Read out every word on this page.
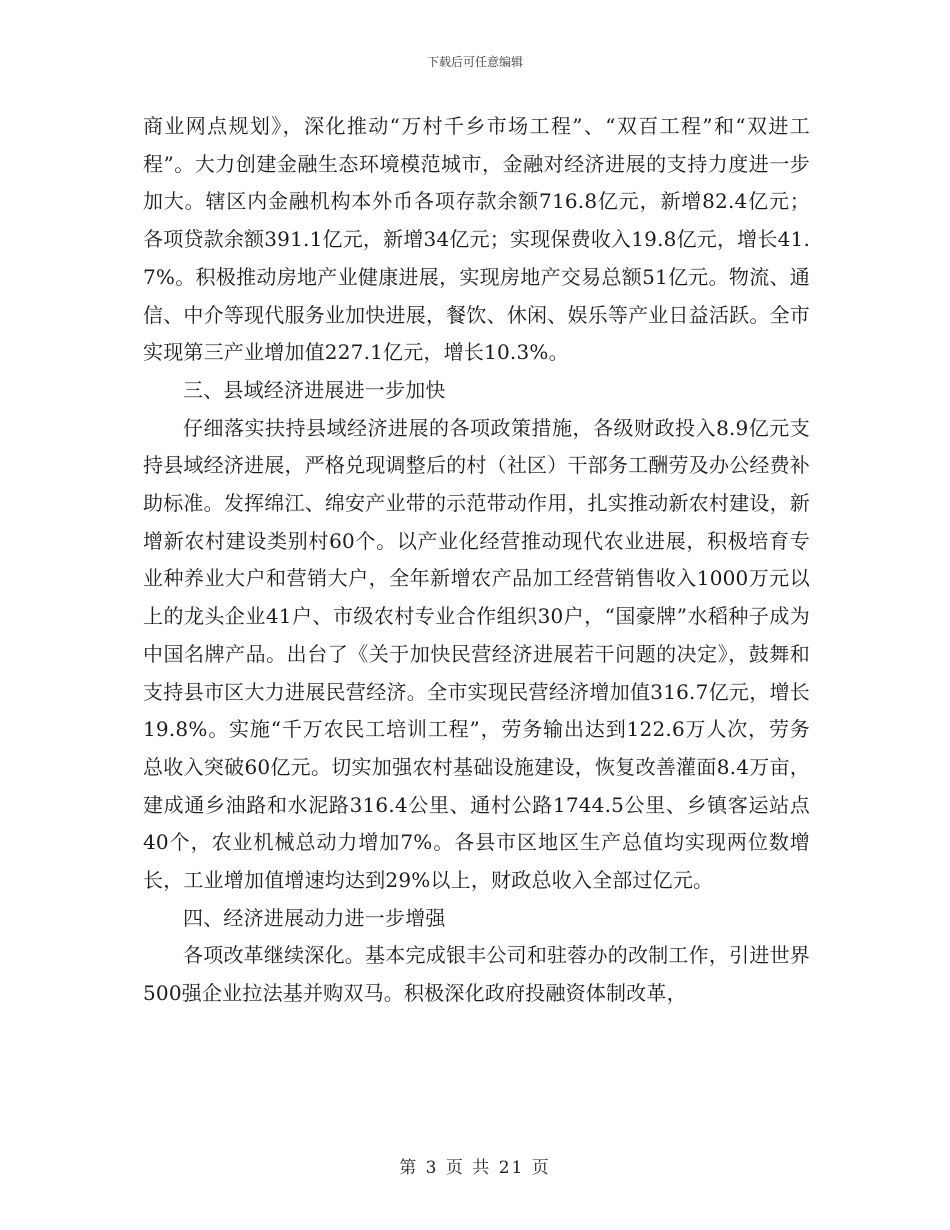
下载后可任意编辑

商业网点规划》，深化推动“万村千乡市场工程”、“双百工程”和“双进工程”。大力创建金融生态环境模范城市，金融对经济进展的支持力度进一步加大。辖区内金融机构本外币各项存款余额716.8亿元，新增82.4亿元；各项贷款余额391.1亿元，新增34亿元；实现保费收入19.8亿元，增长41.7%。积极推动房地产业健康进展，实现房地产交易总额51亿元。物流、通信、中介等现代服务业加快进展，餐饮、休闲、娱乐等产业日益活跃。全市实现第三产业增加值227.1亿元，增长10.3%。

三、县域经济进展进一步加快

仔细落实扶持县域经济进展的各项政策措施，各级财政投入8.9亿元支持县域经济进展，严格兑现调整后的村（社区）干部务工酬劳及办公经费补助标准。发挥绵江、绵安产业带的示范带动作用，扎实推动新农村建设，新增新农村建设类别村60个。以产业化经营推动现代农业进展，积极培育专业种养业大户和营销大户，全年新增农产品加工经营销售收入1000万元以上的龙头企业41户、市级农村专业合作组织30户，“国豪牌”水稻种子成为中国名牌产品。出台了《关于加快民营经济进展若干问题的决定》，鼓舞和支持县市区大力进展民营经济。全市实现民营经济增加值316.7亿元，增长19.8%。实施“千万农民工培训工程”，劳务输出达到122.6万人次，劳务总收入突破60亿元。切实加强农村基础设施建设，恢复改善灌面8.4万亩，建成通乡油路和水泥路316.4公里、通村公路1744.5公里、乡镇客运站点40个，农业机械总动力增加7%。各县市区地区生产总值均实现两位数增长，工业增加值增速均达到29%以上，财政总收入全部过亿元。

四、经济进展动力进一步增强

各项改革继续深化。基本完成银丰公司和驻蓉办的改制工作，引进世界500强企业拉法基并购双马。积极深化政府投融资体制改革，

第 3 页 共 21 页
